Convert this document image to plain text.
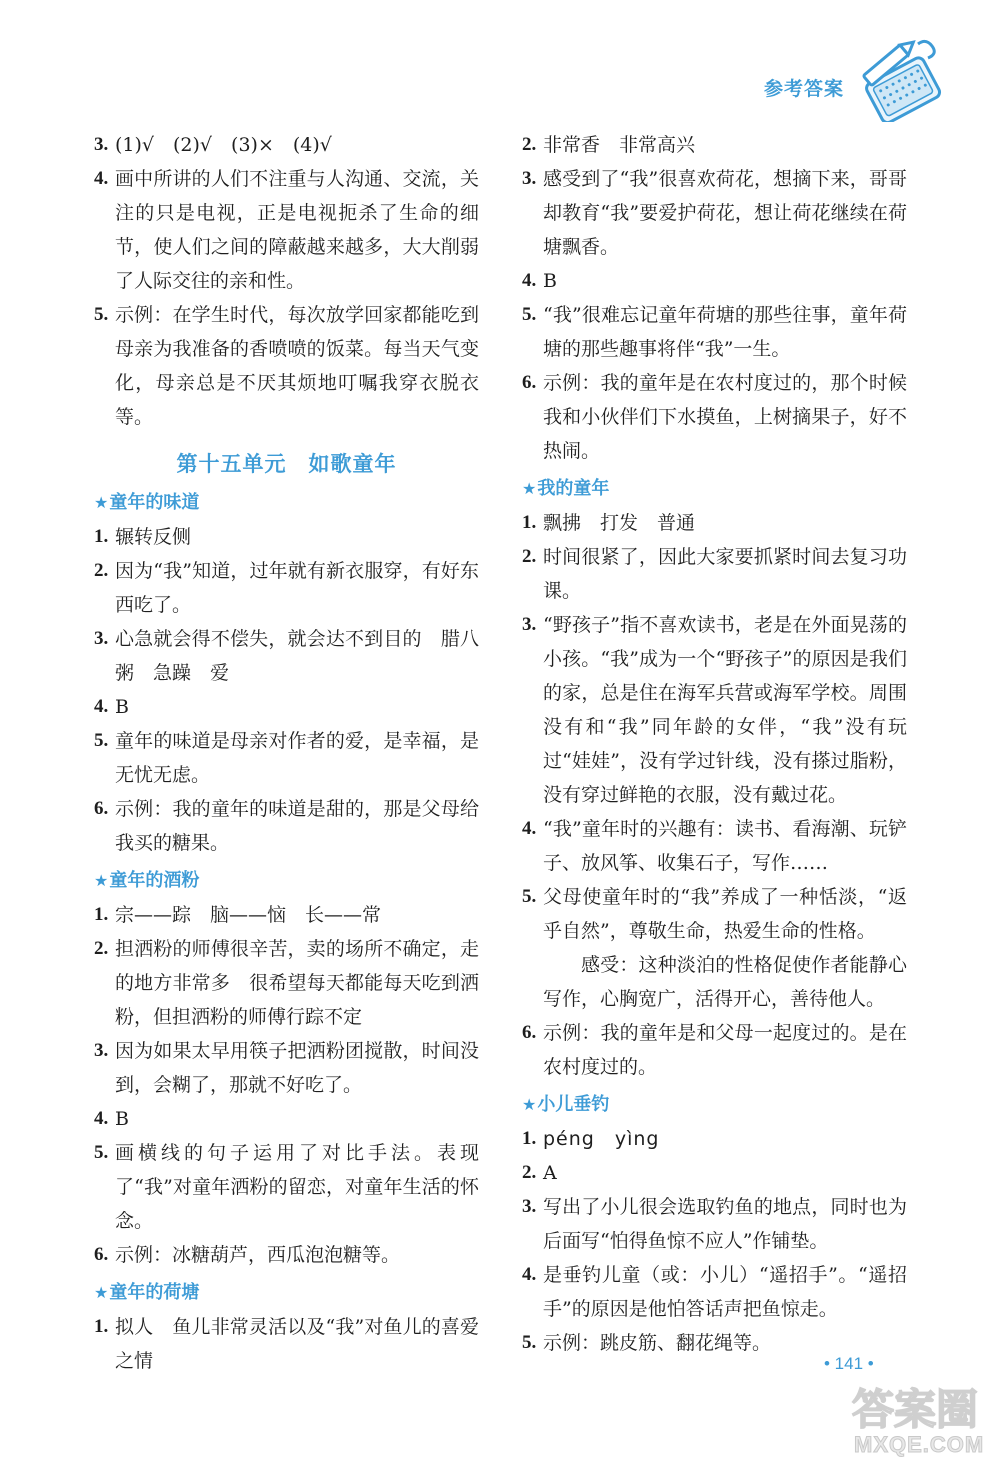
参考答案
3. (1)√　(2)√　(3)×　(4)√
4. 画中所讲的人们不注重与人沟通、交流，关注的只是电视，正是电视扼杀了生命的细节，使人们之间的障蔽越来越多，大大削弱了人际交往的亲和性。
5. 示例：在学生时代，每次放学回家都能吃到母亲为我准备的香喷喷的饭菜。每当天气变化，母亲总是不厌其烦地叮嘱我穿衣脱衣等。
第十五单元 如歌童年
★童年的味道
1. 辗转反侧
2. 因为“我”知道，过年就有新衣服穿，有好东西吃了。
3. 心急就会得不偿失，就会达不到目的　腊八粥　急躁　爱
4. B
5. 童年的味道是母亲对作者的爱，是幸福，是无忧无虑。
6. 示例：我的童年的味道是甜的，那是父母给我买的糖果。
★童年的酒粉
1. 宗——踪　脑——恼　长——常
2. 担洒粉的师傅很辛苦，卖的场所不确定，走的地方非常多　很希望每天都能每天吃到洒粉，但担洒粉的师傅行踪不定
3. 因为如果太早用筷子把洒粉团搅散，时间没到，会糊了，那就不好吃了。
4. B
5. 画横线的句子运用了对比手法。表现了“我”对童年洒粉的留恋，对童年生活的怀念。
6. 示例：冰糖葫芦，西瓜泡泡糖等。
★童年的荷塘
1. 拟人　鱼儿非常灵活以及“我”对鱼儿的喜爱之情
2. 非常香　非常高兴
3. 感受到了“我”很喜欢荷花，想摘下来，哥哥却教育“我”要爱护荷花，想让荷花继续在荷塘飘香。
4. B
5. “我”很难忘记童年荷塘的那些往事，童年荷塘的那些趣事将伴“我”一生。
6. 示例：我的童年是在农村度过的，那个时候我和小伙伴们下水摸鱼，上树摘果子，好不热闹。
★我的童年
1. 飘拂　打发　普通
2. 时间很紧了，因此大家要抓紧时间去复习功课。
3. “野孩子”指不喜欢读书，老是在外面晃荡的小孩。“我”成为一个“野孩子”的原因是我们的家，总是住在海军兵营或海军学校。周围没有和“我”同年龄的女伴，“我”没有玩过“娃娃”，没有学过针线，没有搽过脂粉，没有穿过鲜艳的衣服，没有戴过花。
4. “我”童年时的兴趣有：读书、看海潮、玩铲子、放风筝、收集石子，写作……
5. 父母使童年时的“我”养成了一种恬淡，“返乎自然”，尊敬生命，热爱生命的性格。
感受：这种淡泊的性格促使作者能静心写作，心胸宽广，活得开心，善待他人。
6. 示例：我的童年是和父母一起度过的。是在农村度过的。
★小儿垂钓
1. péng　yìng
2. A
3. 写出了小儿很会选取钓鱼的地点，同时也为后面写“怕得鱼惊不应人”作铺垫。
4. 是垂钓儿童（或：小儿）“遥招手”。“遥招手”的原因是他怕答话声把鱼惊走。
5. 示例：跳皮筋、翻花绳等。
• 141 •
答案圈
MXQE.COM
